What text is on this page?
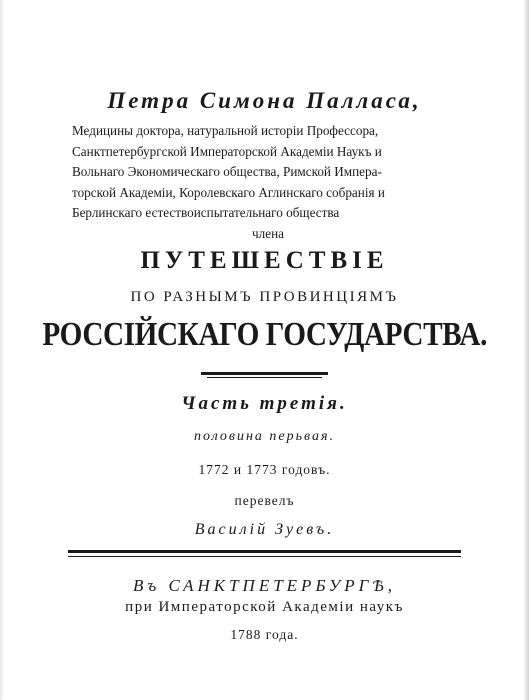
Петра Симона Палласа,
Медицины доктора, натуральной исторiи Профессора,
Санктпетербургской Императорской Академiи Наукъ и
Вольнаго Экономическаго общества, Римской Импера-
торской Академiи, Королевскаго Аглинскаго собранiя и
Берлинскаго естествоиспытательнаго общества
члена
ПУТЕШЕСТВIЕ
ПО РАЗНЫМЪ ПРОВИНЦIЯМЪ
РОССIЙСКАГО ГОСУДАРСТВА.
Часть третiя.
половина перьвая.
1772 и 1773 годовъ.
перевелъ
Василiй Зуевъ.
Въ САНКТПЕТЕРБУРГѢ,
при Императорской Академiи наукъ
1788 года.
